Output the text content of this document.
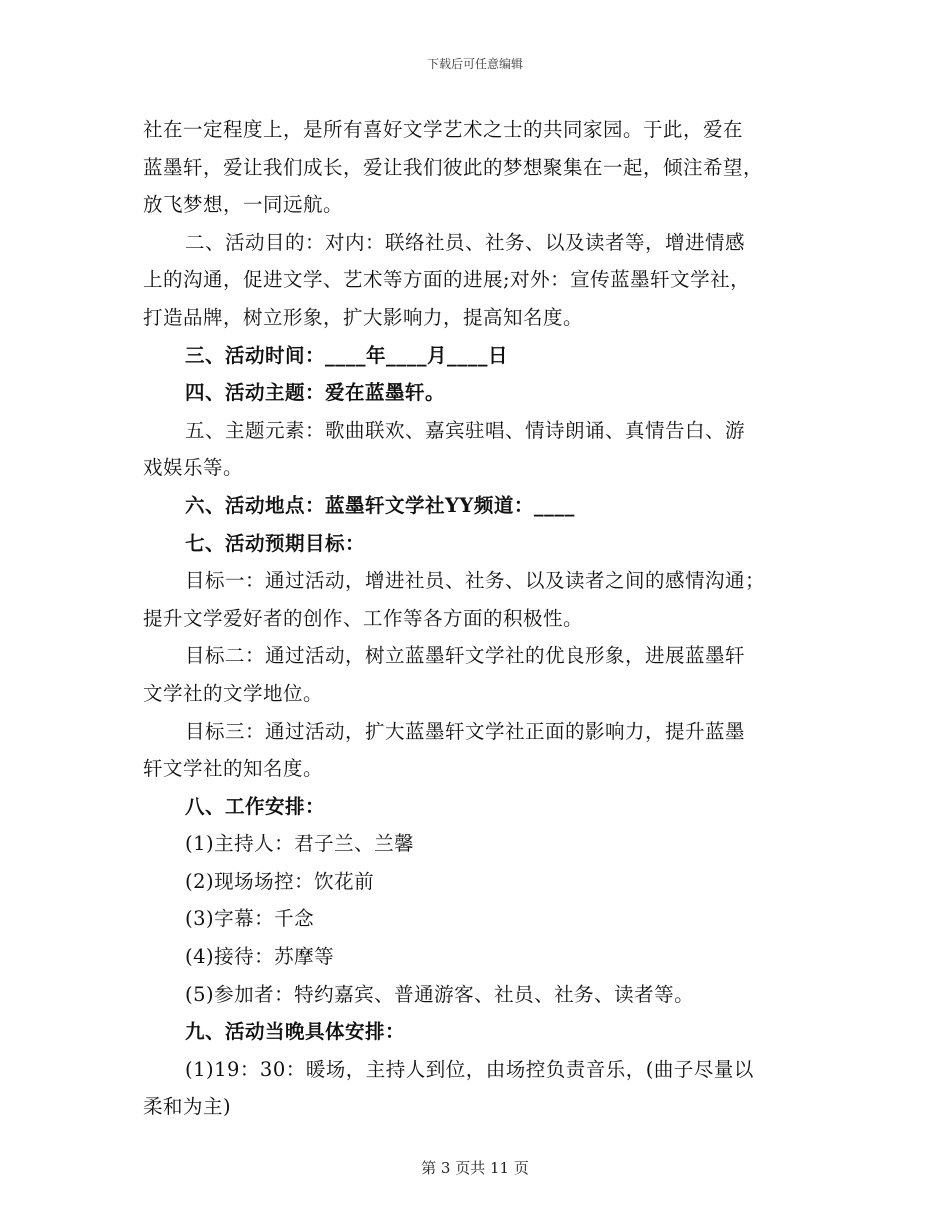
下载后可任意编辑
社在一定程度上，是所有喜好文学艺术之士的共同家园。于此，爱在
蓝墨轩，爱让我们成长，爱让我们彼此的梦想聚集在一起，倾注希望，
放飞梦想，一同远航。
二、活动目的：对内：联络社员、社务、以及读者等，增进情感
上的沟通，促进文学、艺术等方面的进展;对外：宣传蓝墨轩文学社，
打造品牌，树立形象，扩大影响力，提高知名度。
三、活动时间：____年____月____日
四、活动主题：爱在蓝墨轩。
五、主题元素：歌曲联欢、嘉宾驻唱、情诗朗诵、真情告白、游
戏娱乐等。
六、活动地点：蓝墨轩文学社YY频道：____
七、活动预期目标：
目标一：通过活动，增进社员、社务、以及读者之间的感情沟通；
提升文学爱好者的创作、工作等各方面的积极性。
目标二：通过活动，树立蓝墨轩文学社的优良形象，进展蓝墨轩
文学社的文学地位。
目标三：通过活动，扩大蓝墨轩文学社正面的影响力，提升蓝墨
轩文学社的知名度。
八、工作安排：
(1)主持人：君子兰、兰馨
(2)现场场控：饮花前
(3)字幕：千念
(4)接待：苏摩等
(5)参加者：特约嘉宾、普通游客、社员、社务、读者等。
九、活动当晚具体安排：
(1)19：30：暖场，主持人到位，由场控负责音乐，(曲子尽量以
柔和为主)
第 3 页共 11 页
